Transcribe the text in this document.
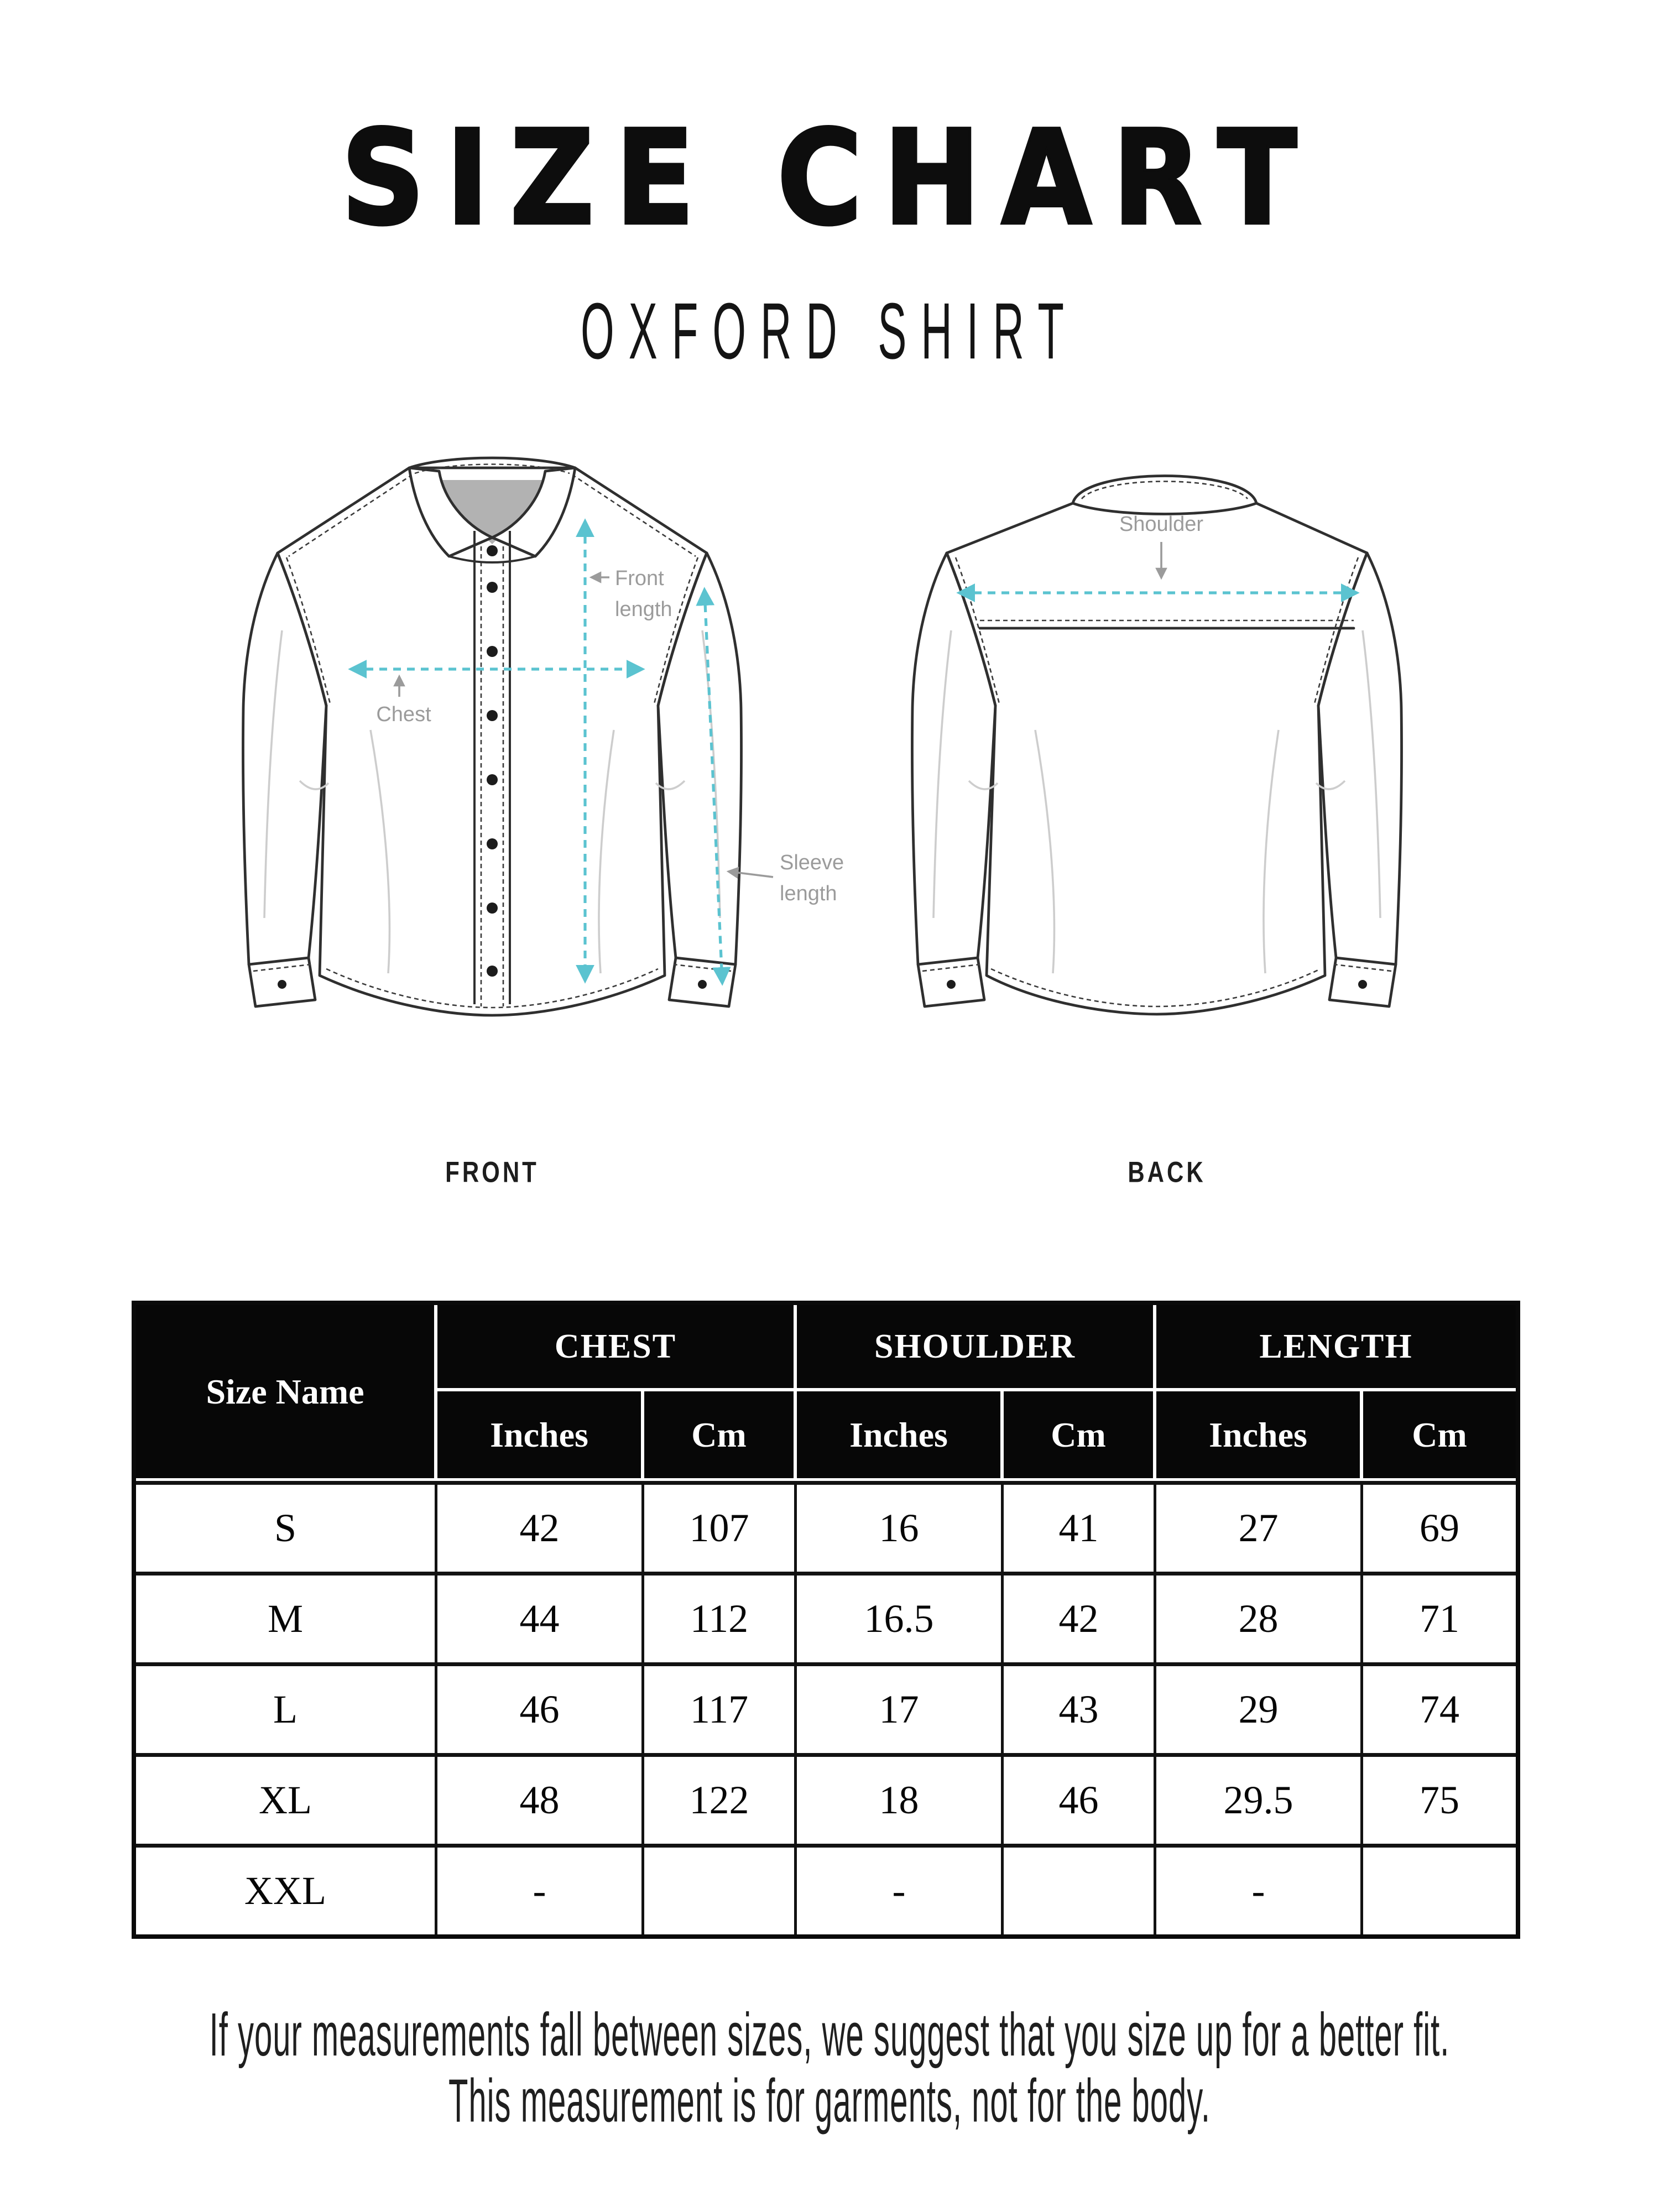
SIZE CHART
OXFORD SHIRT
Front
length
Chest
Sleeve
length
Shoulder
FRONT	BACK
Size Name	CHEST		SHOULDER		LENGTH	
	Inches	Cm	Inches	Cm	Inches	Cm
S	42	107	16	41	27	69
M	44	112	16.5	42	28	71
L	46	117	17	43	29	74
XL	48	122	18	46	29.5	75
XXL	-		-		-	
If your measurements fall between sizes, we suggest that you size up for a better fit.
This measurement is for garments, not for the body.
